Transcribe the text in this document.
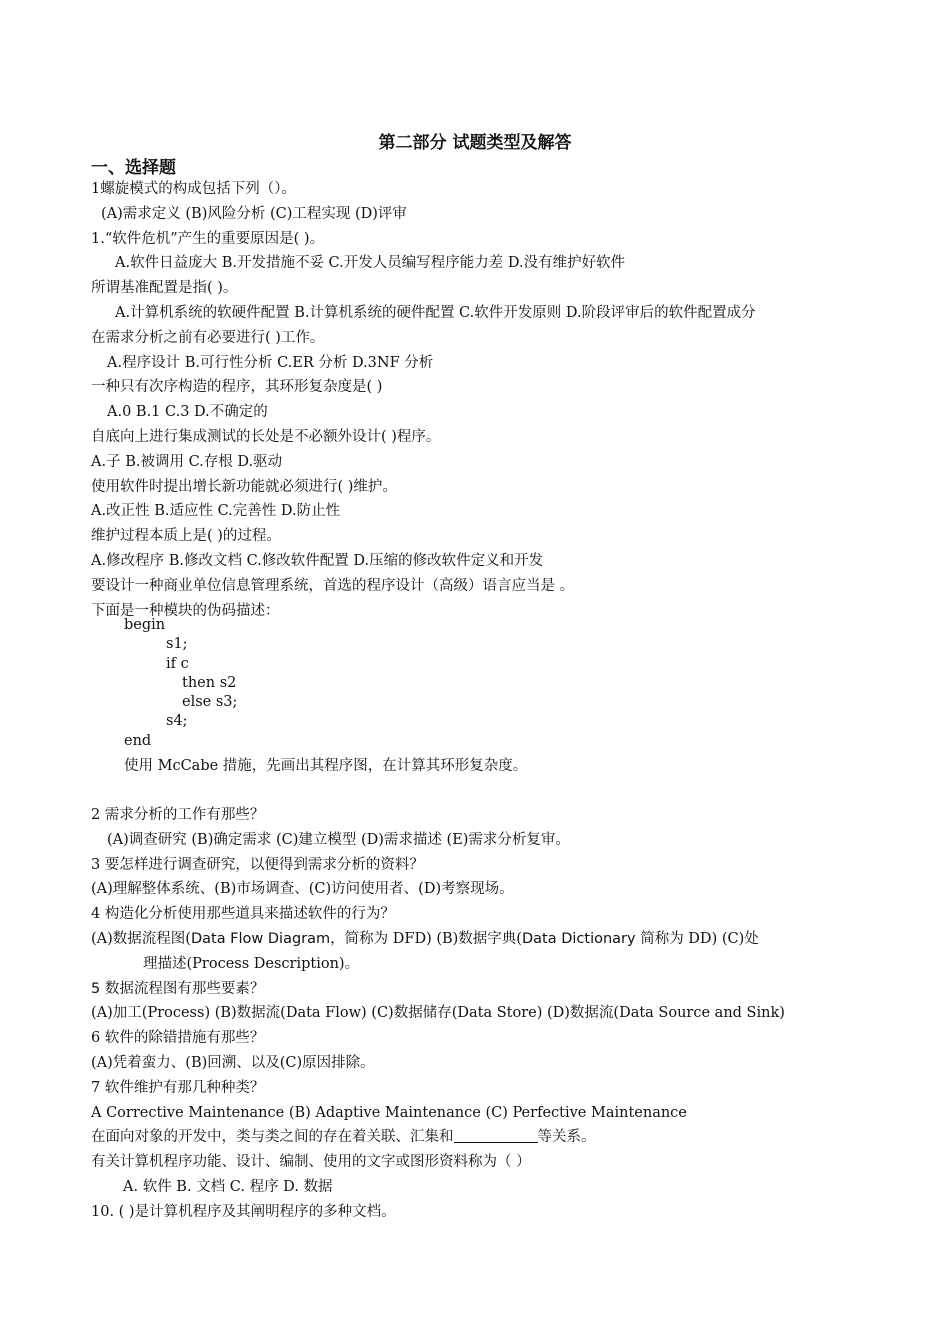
第二部分 试题类型及解答
一、选择题
1螺旋模式的构成包括下列（）。
(A)需求定义 (B)风险分析 (C)工程实现 (D)评审
1.“软件危机”产生的重要原因是( )。
A.软件日益庞大 B.开发措施不妥 C.开发人员编写程序能力差 D.没有维护好软件
所谓基准配置是指( )。
A.计算机系统的软硬件配置 B.计算机系统的硬件配置 C.软件开发原则 D.阶段评审后的软件配置成分
在需求分析之前有必要进行( )工作。
A.程序设计 B.可行性分析 C.ER 分析 D.3NF 分析
一种只有次序构造的程序，其环形复杂度是( )
A.0 B.1 C.3 D.不确定的
自底向上进行集成测试的长处是不必额外设计( )程序。
A.子 B.被调用 C.存根 D.驱动
使用软件时提出增长新功能就必须进行( )维护。
A.改正性 B.适应性 C.完善性 D.防止性
维护过程本质上是( )的过程。
A.修改程序 B.修改文档 C.修改软件配置 D.压缩的修改软件定义和开发
要设计一种商业单位信息管理系统，首选的程序设计（高级）语言应当是 。
下面是一种模块的伪码描述：
begin
s1;
if c
then s2
else s3;
s4;
end
使用 McCabe 措施，先画出其程序图，在计算其环形复杂度。
2 需求分析的工作有那些？
(A)调查研究 (B)确定需求 (C)建立模型 (D)需求描述 (E)需求分析复审。
3 要怎样进行调查研究，以便得到需求分析的资料？
(A)理解整体系统、(B)市场调查、(C)访问使用者、(D)考察现场。
4 构造化分析使用那些道具来描述软件的行为？
(A)数据流程图(Data Flow Diagram，简称为 DFD) (B)数据字典(Data Dictionary 简称为 DD) (C)处
理描述(Process Description)。
5 数据流程图有那些要素？
(A)加工(Process) (B)数据流(Data Flow) (C)数据储存(Data Store) (D)数据流(Data Source and Sink)
6 软件的除错措施有那些？
(A)凭着蛮力、(B)回溯、以及(C)原因排除。
7 软件维护有那几种种类？
A Corrective Maintenance (B) Adaptive Maintenance (C) Perfective Maintenance
在面向对象的开发中，类与类之间的存在着关联、汇集和	等关系。
有关计算机程序功能、设计、编制、使用的文字或图形资料称为（ ）
A. 软件 B. 文档 C. 程序 D. 数据
10. ( )是计算机程序及其阐明程序的多种文档。
